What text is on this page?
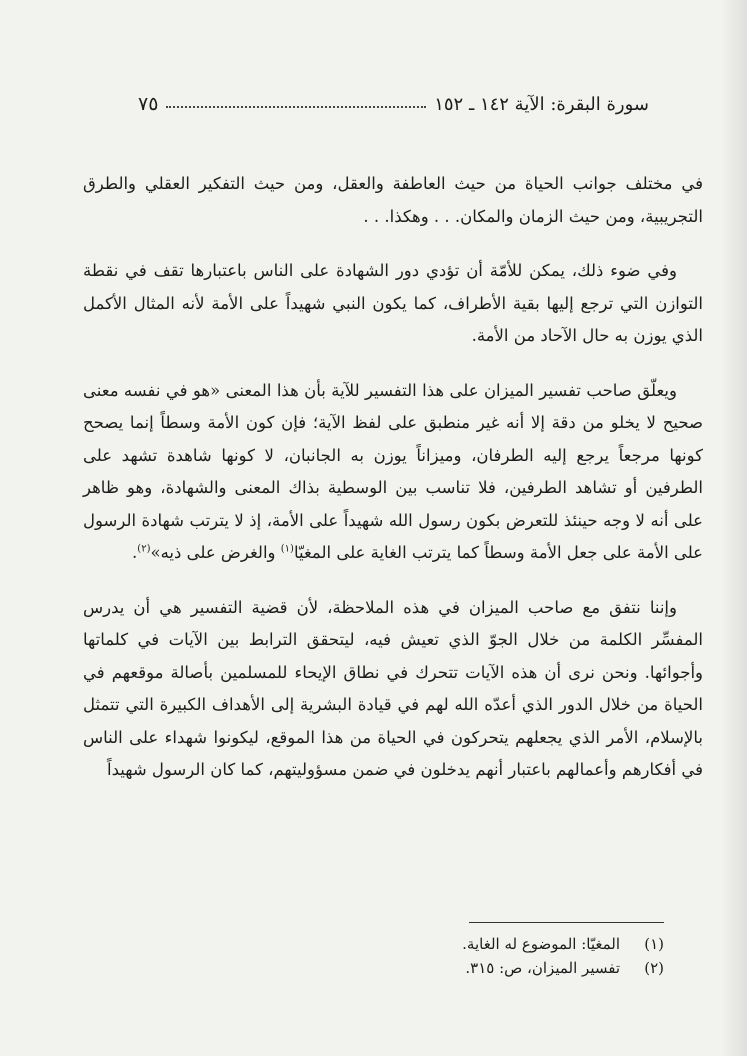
سورة البقرة: الآية ١٤٢ ـ ١٥٢
٧٥

في مختلف جوانب الحياة من حيث العاطفة والعقل، ومن حيث التفكير العقلي والطرق التجريبية، ومن حيث الزمان والمكان. . . وهكذا. . .

وفي ضوء ذلك، يمكن للأمّة أن تؤدي دور الشهادة على الناس باعتبارها تقف في نقطة التوازن التي ترجع إليها بقية الأطراف، كما يكون النبي شهيداً على الأمة لأنه المثال الأكمل الذي يوزن به حال الآحاد من الأمة.

ويعلّق صاحب تفسير الميزان على هذا التفسير للآية بأن هذا المعنى «هو في نفسه معنى صحيح لا يخلو من دقة إلا أنه غير منطبق على لفظ الآية؛ فإن كون الأمة وسطاً إنما يصحح كونها مرجعاً يرجع إليه الطرفان، وميزاناً يوزن به الجانبان، لا كونها شاهدة تشهد على الطرفين أو تشاهد الطرفين، فلا تناسب بين الوسطية بذاك المعنى والشهادة، وهو ظاهر على أنه لا وجه حينئذ للتعرض بكون رسول الله شهيداً على الأمة، إذ لا يترتب شهادة الرسول على الأمة على جعل الأمة وسطاً كما يترتب الغاية على المغيّا$^{(١)}$ والغرض على ذيه»$^{(٢)}$.

وإننا نتفق مع صاحب الميزان في هذه الملاحظة، لأن قضية التفسير هي أن يدرس المفسِّر الكلمة من خلال الجوّ الذي تعيش فيه، ليتحقق الترابط بين الآيات في كلماتها وأجوائها. ونحن نرى أن هذه الآيات تتحرك في نطاق الإيحاء للمسلمين بأصالة موقعهم في الحياة من خلال الدور الذي أعدّه الله لهم في قيادة البشرية إلى الأهداف الكبيرة التي تتمثل بالإسلام، الأمر الذي يجعلهم يتحركون في الحياة من هذا الموقع، ليكونوا شهداء على الناس في أفكارهم وأعمالهم باعتبار أنهم يدخلون في ضمن مسؤوليتهم، كما كان الرسول شهيداً

(١)المغيّا: الموضوع له الغاية.
(٢)تفسير الميزان، ص: ٣١٥.
